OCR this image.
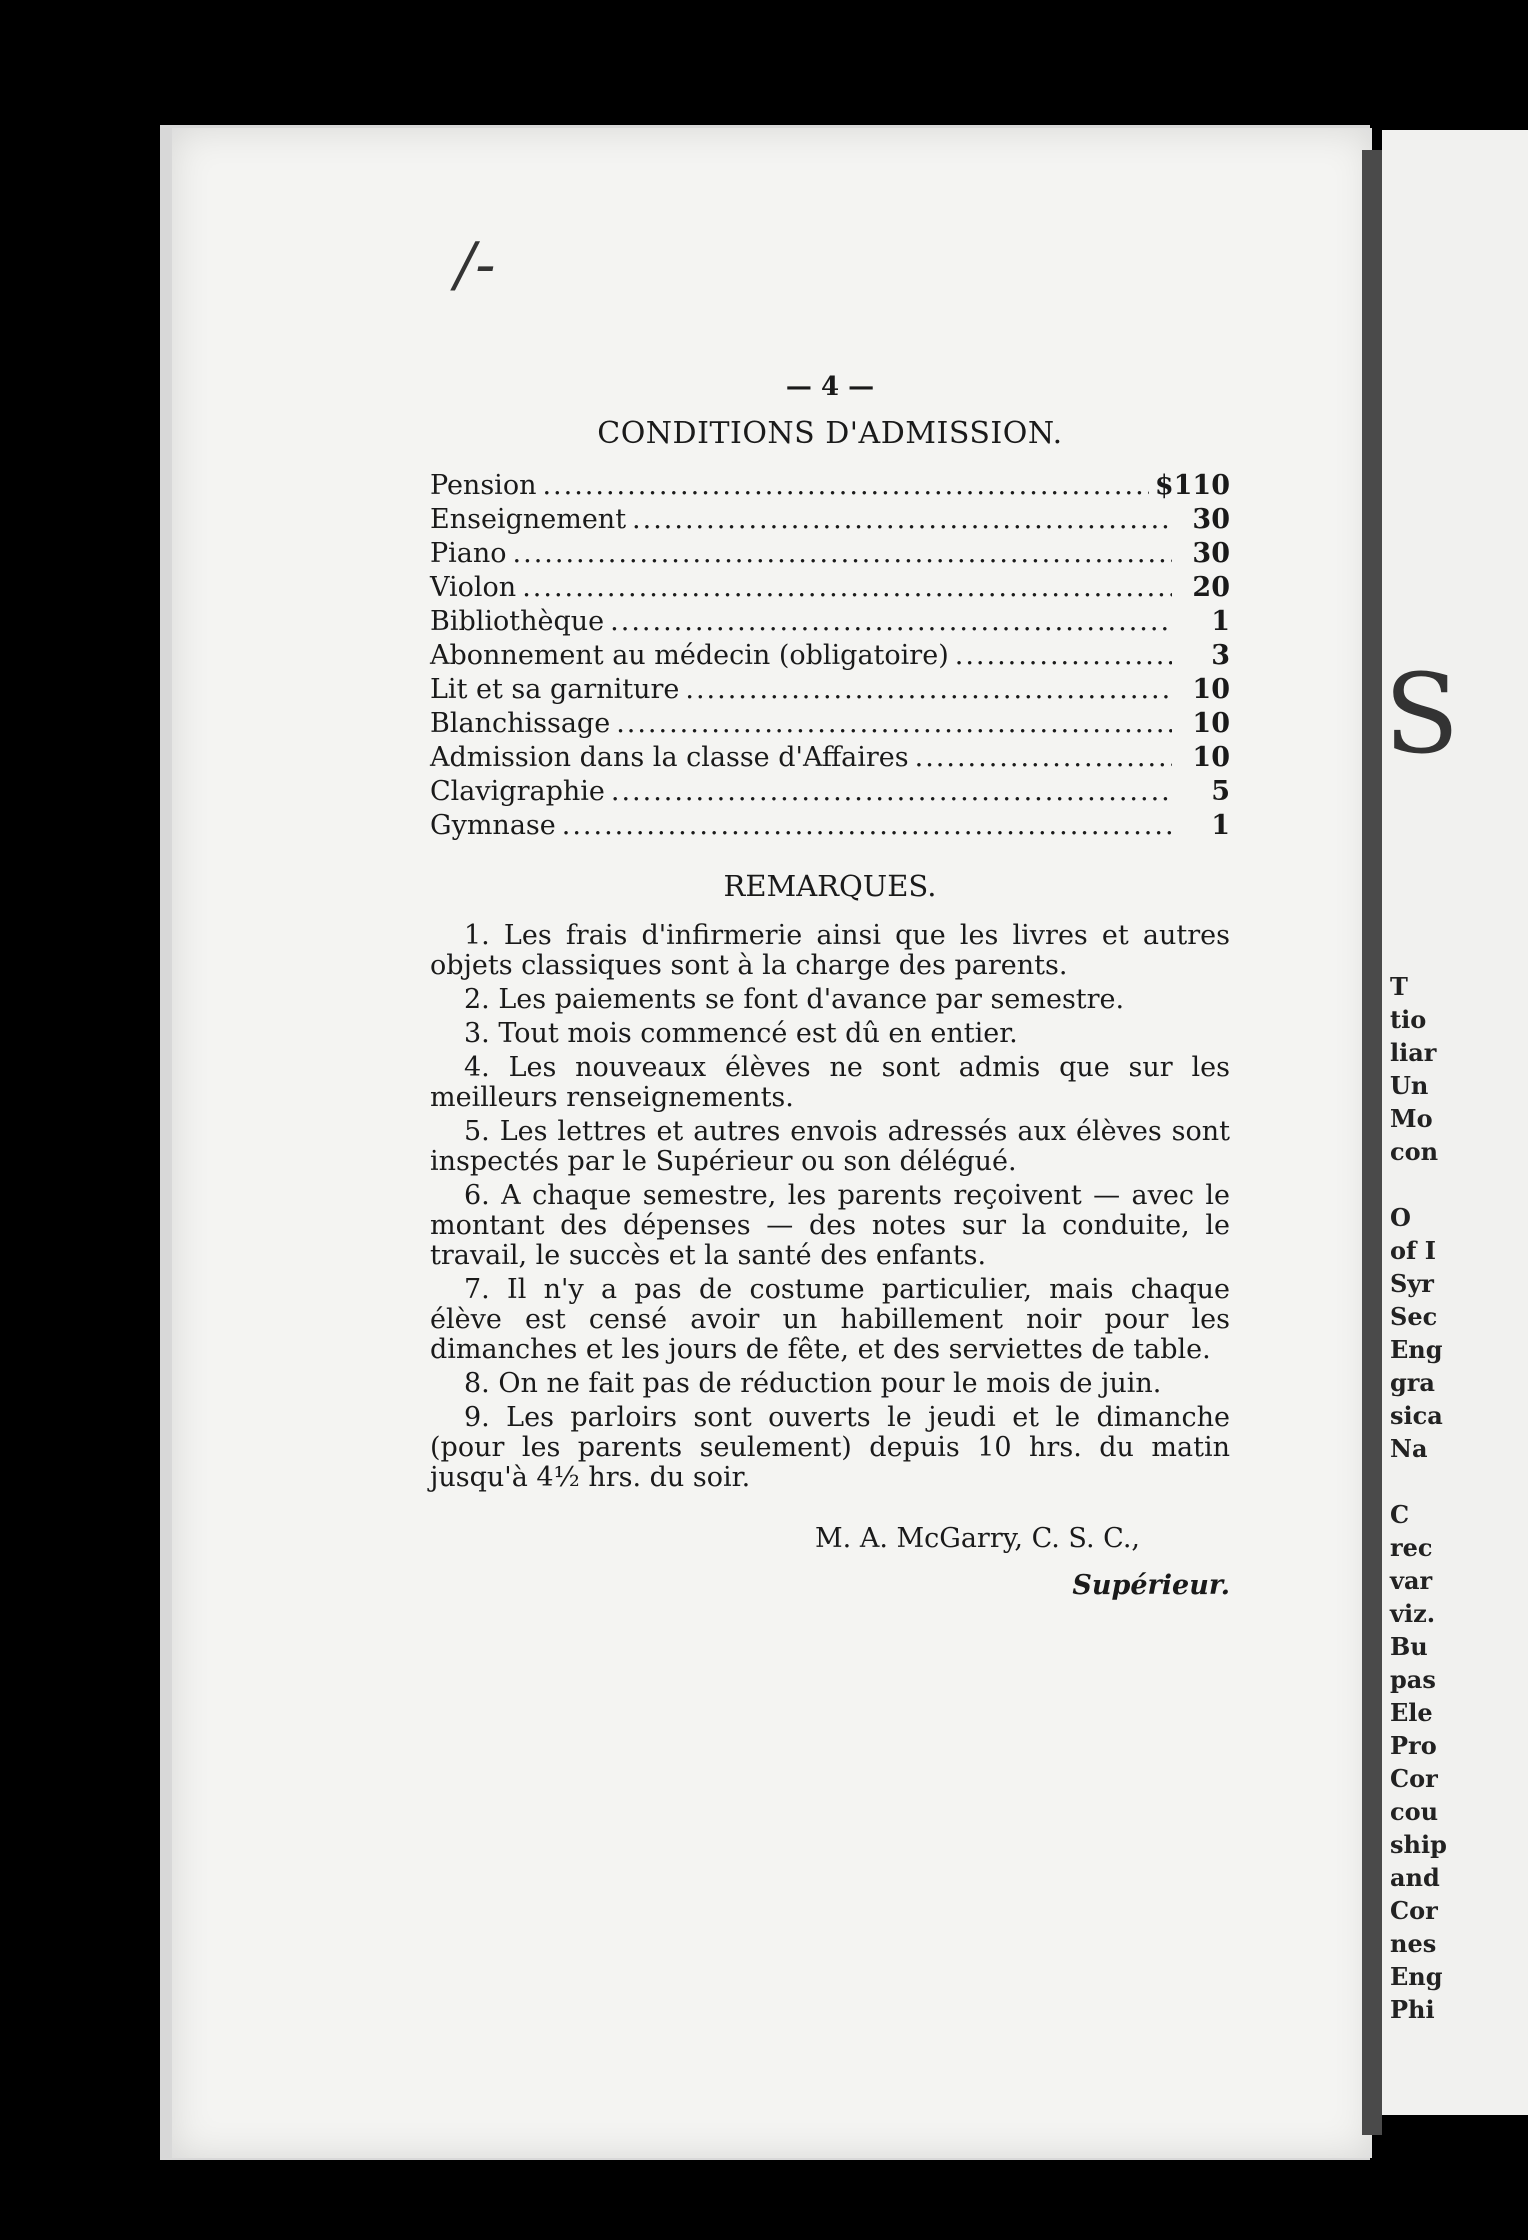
S
T
tio
liar
Un
Mo
con
O
of I
Syr
Sec
Eng
gra
sica
Na
C
rec
var
viz.
Bu
pas
Ele
Pro
Cor
cou
ship
and
Cor
nes
Eng
Phi
/-
— 4 —
CONDITIONS D'ADMISSION.
Pension .....	$110
Enseignement .....	30
Piano .....	30
Violon .....	20
Bibliothèque .....	1
Abonnement au médecin (obligatoire) .....	3
Lit et sa garniture .....	10
Blanchissage .....	10
Admission dans la classe d'Affaires .....	10
Clavigraphie .....	5
Gymnase .....	1
REMARQUES.

1. Les frais d'infirmerie ainsi que les livres et autres objets classiques sont à la charge des parents.

2. Les paiements se font d'avance par semestre.

3. Tout mois commencé est dû en entier.

4. Les nouveaux élèves ne sont admis que sur les meilleurs renseignements.

5. Les lettres et autres envois adressés aux élèves sont inspectés par le Supérieur ou son délégué.

6. A chaque semestre, les parents reçoivent — avec le montant des dépenses — des notes sur la conduite, le travail, le succès et la santé des enfants.

7. Il n'y a pas de costume particulier, mais chaque élève est censé avoir un habillement noir pour les dimanches et les jours de fête, et des serviettes de table.

8. On ne fait pas de réduction pour le mois de juin.

9. Les parloirs sont ouverts le jeudi et le dimanche (pour les parents seulement) depuis 10 hrs. du matin jusqu'à 4½ hrs. du soir.

M. A. McGarry, C. S. C.,
Supérieur.
